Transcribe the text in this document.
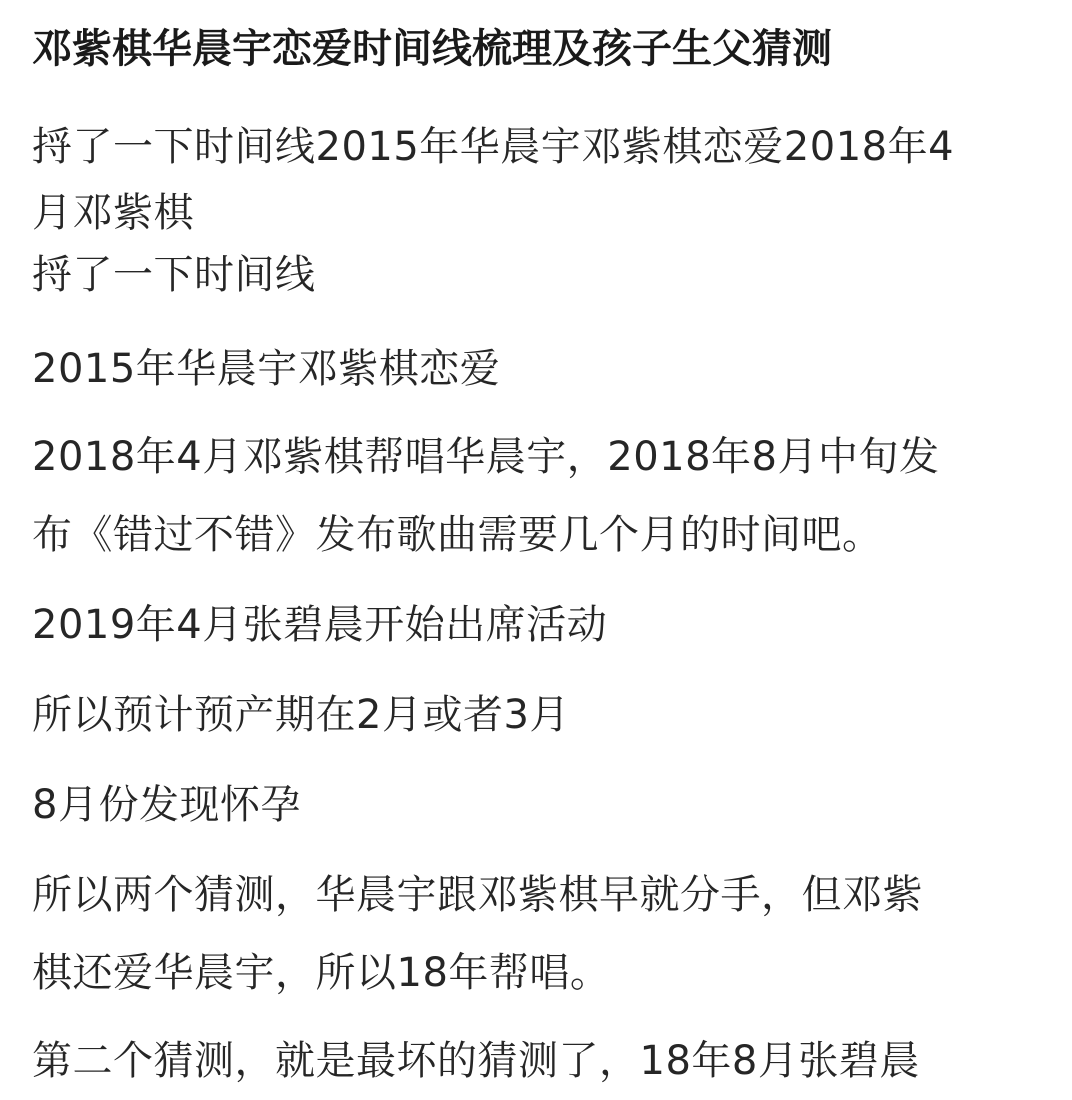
邓紫棋华晨宇恋爱时间线梳理及孩子生父猜测
捋了一下时间线2015年华晨宇邓紫棋恋爱2018年4
月邓紫棋
捋了一下时间线
2015年华晨宇邓紫棋恋爱
2018年4月邓紫棋帮唱华晨宇，2018年8月中旬发
布《错过不错》发布歌曲需要几个月的时间吧。
2019年4月张碧晨开始出席活动
所以预计预产期在2月或者3月
8月份发现怀孕
所以两个猜测，华晨宇跟邓紫棋早就分手，但邓紫
棋还爱华晨宇，所以18年帮唱。
第二个猜测，就是最坏的猜测了，18年8月张碧晨
